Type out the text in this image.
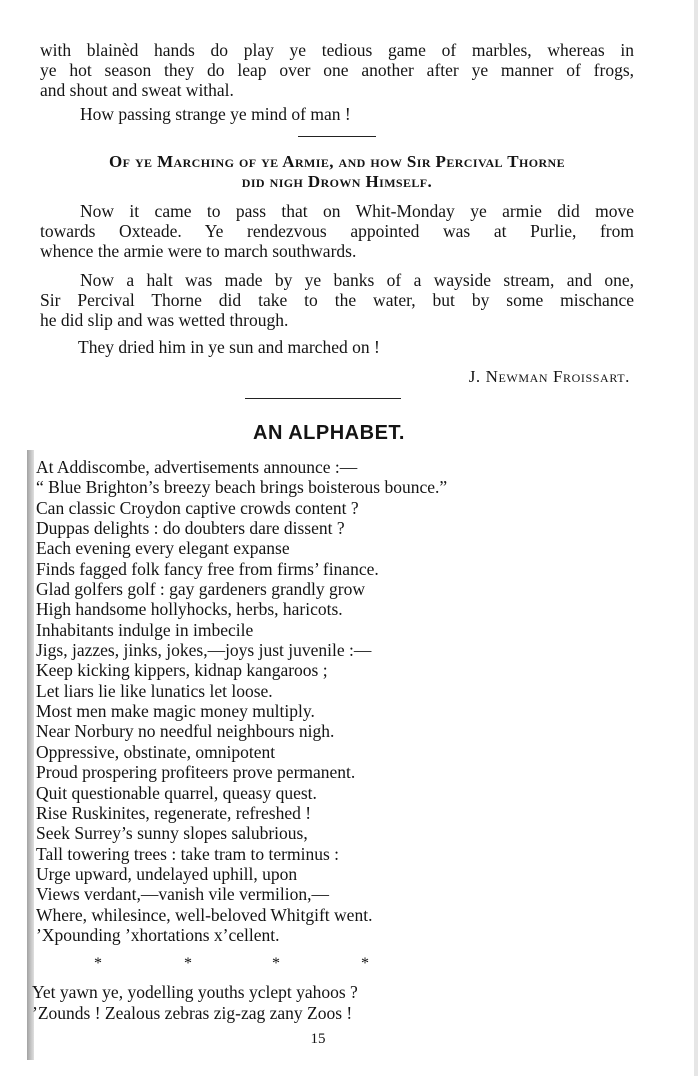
with blainèd hands do play ye tedious game of marbles, whereas in
ye hot season they do leap over one another after ye manner of frogs,
and shout and sweat withal.

How passing strange ye mind of man !

Of ye Marching of ye Armie, and how Sir Percival Thorne
did nigh Drown Himself.

Now it came to pass that on Whit-Monday ye armie did move
towards Oxteade. Ye rendezvous appointed was at Purlie, from
whence the armie were to march southwards.

Now a halt was made by ye banks of a wayside stream, and one,
Sir Percival Thorne did take to the water, but by some mischance
he did slip and was wetted through.

They dried him in ye sun and marched on !

J. Newman Froissart.
AN ALPHABET.
At Addiscombe, advertisements announce :—
“ Blue Brighton’s breezy beach brings boisterous bounce.”
Can classic Croydon captive crowds content ?
Duppas delights : do doubters dare dissent ?
Each evening every elegant expanse
Finds fagged folk fancy free from firms’ finance.
Glad golfers golf : gay gardeners grandly grow
High handsome hollyhocks, herbs, haricots.
Inhabitants indulge in imbecile
Jigs, jazzes, jinks, jokes,—joys just juvenile :—
Keep kicking kippers, kidnap kangaroos ;
Let liars lie like lunatics let loose.
Most men make magic money multiply.
Near Norbury no needful neighbours nigh.
Oppressive, obstinate, omnipotent
Proud prospering profiteers prove permanent.
Quit questionable quarrel, queasy quest.
Rise Ruskinites, regenerate, refreshed !
Seek Surrey’s sunny slopes salubrious,
Tall towering trees : take tram to terminus :
Urge upward, undelayed uphill, upon
Views verdant,—vanish vile vermilion,—
Where, whilesince, well-beloved Whitgift went.
’Xpounding ’xhortations x’cellent.
*	*	*	*
Yet yawn ye, yodelling youths yclept yahoos ?
’Zounds ! Zealous zebras zig-zag zany Zoos !
15
